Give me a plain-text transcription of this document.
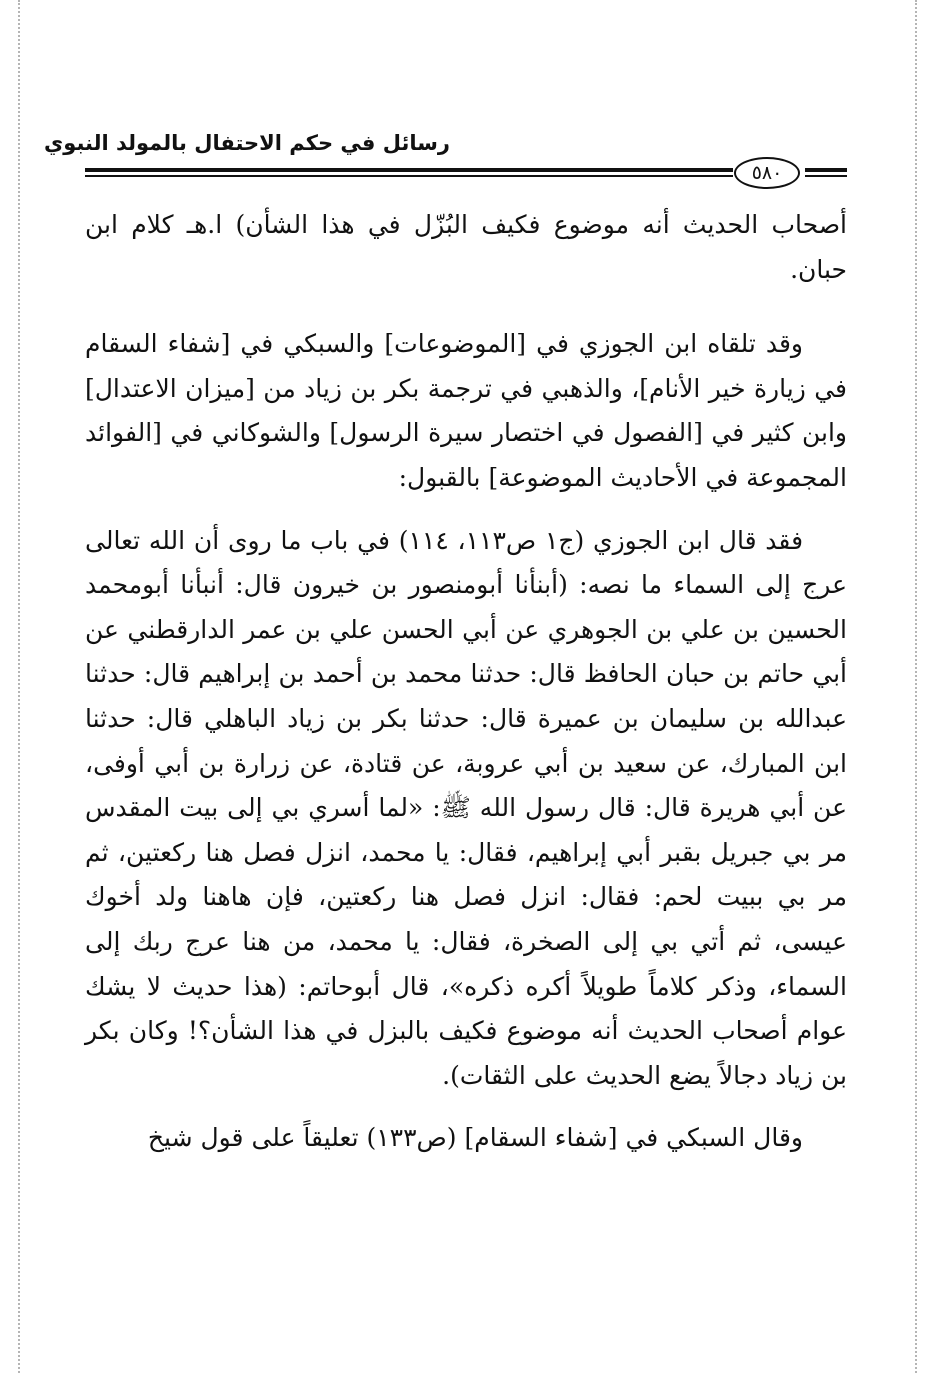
رسائل في حكم الاحتفال بالمولد النبوي
٥٨٠

أصحاب الحديث أنه موضوع فكيف البُزّل في هذا الشأن) ا.هـ كلام ابن حبان.

وقد تلقاه ابن الجوزي في [الموضوعات] والسبكي في [شفاء السقام في زيارة خير الأنام]، والذهبي في ترجمة بكر بن زياد من [ميزان الاعتدال] وابن كثير في [الفصول في اختصار سيرة الرسول] والشوكاني في [الفوائد المجموعة في الأحاديث الموضوعة] بالقبول:

فقد قال ابن الجوزي (ج١ ص١١٣، ١١٤) في باب ما روى أن الله تعالى عرج إلى السماء ما نصه: (أبنأنا أبومنصور بن خيرون قال: أنبأنا أبومحمد الحسين بن علي بن الجوهري عن أبي الحسن علي بن عمر الدارقطني عن أبي حاتم بن حبان الحافظ قال: حدثنا محمد بن أحمد بن إبراهيم قال: حدثنا عبدالله بن سليمان بن عميرة قال: حدثنا بكر بن زياد الباهلي قال: حدثنا ابن المبارك، عن سعيد بن أبي عروبة، عن قتادة، عن زرارة بن أبي أوفى، عن أبي هريرة قال: قال رسول الله ﷺ: «لما أسري بي إلى بيت المقدس مر بي جبريل بقبر أبي إبراهيم، فقال: يا محمد، انزل فصل هنا ركعتين، ثم مر بي ببيت لحم: فقال: انزل فصل هنا ركعتين، فإن هاهنا ولد أخوك عيسى، ثم أتي بي إلى الصخرة، فقال: يا محمد، من هنا عرج ربك إلى السماء، وذكر كلاماً طويلاً أكره ذكره»، قال أبوحاتم: (هذا حديث لا يشك عوام أصحاب الحديث أنه موضوع فكيف بالبزل في هذا الشأن؟! وكان بكر بن زياد دجالاً يضع الحديث على الثقات).

وقال السبكي في [شفاء السقام] (ص١٣٣) تعليقاً على قول شيخ
